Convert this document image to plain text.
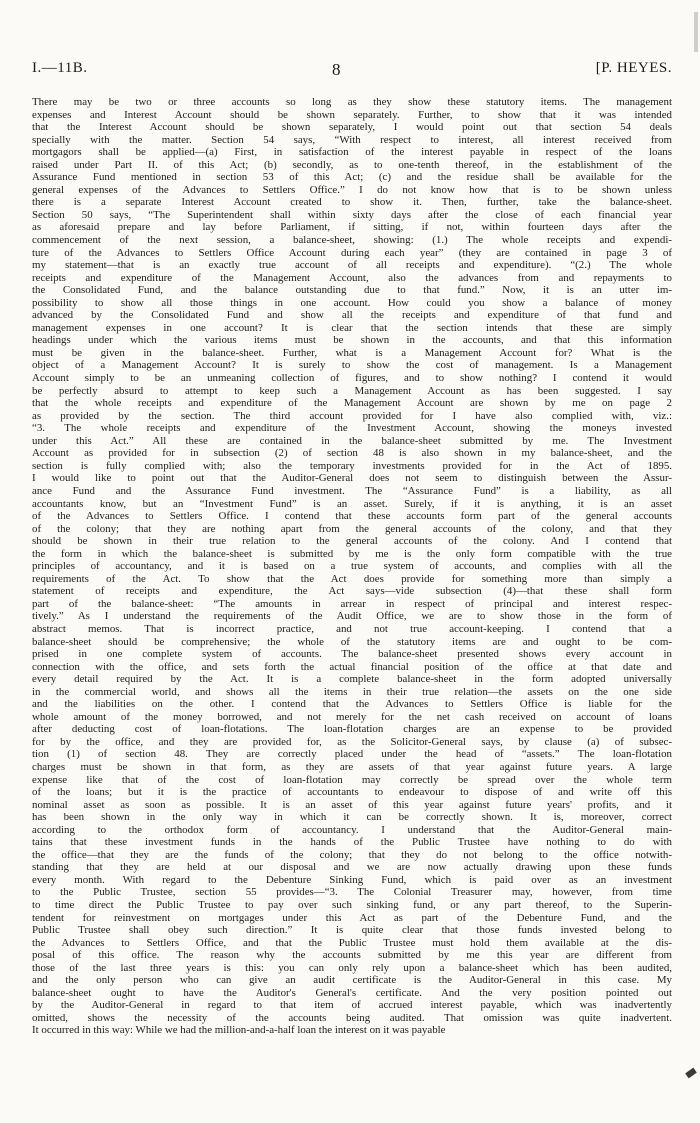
I.—11B.	8	[P. HEYES.

There may be two or three accounts so long as they show these statutory items. The management

expenses and Interest Account should be shown separately. Further, to show that it was intended

that the Interest Account should be shown separately, I would point out that section 54 deals

specially with the matter. Section 54 says, “With respect to interest, all interest received from

mortgagors shall be applied—(a) First, in satisfaction of the interest payable in respect of the loans

raised under Part II. of this Act; (b) secondly, as to one-tenth thereof, in the establishment of the

Assurance Fund mentioned in section 53 of this Act; (c) and the residue shall be available for the

general expenses of the Advances to Settlers Office.” I do not know how that is to be shown unless

there is a separate Interest Account created to show it. Then, further, take the balance-sheet.

Section 50 says, “The Superintendent shall within sixty days after the close of each financial year

as aforesaid prepare and lay before Parliament, if sitting, if not, within fourteen days after the

commencement of the next session, a balance-sheet, showing: (1.) The whole receipts and expendi-

ture of the Advances to Settlers Office Account during each year” (they are contained in page 3 of

my statement—that is an exactly true account of all receipts and expenditure). “(2.) The whole

receipts and expenditure of the Management Account, also the advances from and repayments to

the Consolidated Fund, and the balance outstanding due to that fund.” Now, it is an utter im-

possibility to show all those things in one account. How could you show a balance of money

advanced by the Consolidated Fund and show all the receipts and expenditure of that fund and

management expenses in one account? It is clear that the section intends that these are simply

headings under which the various items must be shown in the accounts, and that this information

must be given in the balance-sheet. Further, what is a Management Account for? What is the

object of a Management Account? It is surely to show the cost of management. Is a Management

Account simply to be an unmeaning collection of figures, and to show nothing? I contend it would

be perfectly absurd to attempt to keep such a Management Account as has been suggested. I say

that the whole receipts and expenditure of the Management Account are shown by me on page 2

as provided by the section. The third account provided for I have also complied with, viz.:

“3. The whole receipts and expenditure of the Investment Account, showing the moneys invested

under this Act.” All these are contained in the balance-sheet submitted by me. The Investment

Account as provided for in subsection (2) of section 48 is also shown in my balance-sheet, and the

section is fully complied with; also the temporary investments provided for in the Act of 1895.

I would like to point out that the Auditor-General does not seem to distinguish between the Assur-

ance Fund and the Assurance Fund investment. The “Assurance Fund” is a liability, as all

accountants know, but an “Investment Fund” is an asset. Surely, if it is anything, it is an asset

of the Advances to Settlers Office. I contend that these accounts form part of the general accounts

of the colony; that they are nothing apart from the general accounts of the colony, and that they

should be shown in their true relation to the general accounts of the colony. And I contend that

the form in which the balance-sheet is submitted by me is the only form compatible with the true

principles of accountancy, and it is based on a true system of accounts, and complies with all the

requirements of the Act. To show that the Act does provide for something more than simply a

statement of receipts and expenditure, the Act says—vide subsection (4)—that these shall form

part of the balance-sheet: “The amounts in arrear in respect of principal and interest respec-

tively.” As I understand the requirements of the Audit Office, we are to show those in the form of

abstract memos. That is incorrect practice, and not true account-keeping. I contend that a

balance-sheet should be comprehensive; the whole of the statutory items are and ought to be com-

prised in one complete system of accounts. The balance-sheet presented shows every account in

connection with the office, and sets forth the actual financial position of the office at that date and

every detail required by the Act. It is a complete balance-sheet in the form adopted universally

in the commercial world, and shows all the items in their true relation—the assets on the one side

and the liabilities on the other. I contend that the Advances to Settlers Office is liable for the

whole amount of the money borrowed, and not merely for the net cash received on account of loans

after deducting cost of loan-flotations. The loan-flotation charges are an expense to be provided

for by the office, and they are provided for, as the Solicitor-General says, by clause (a) of subsec-

tion (1) of section 48. They are correctly placed under the head of “assets.” The loan-flotation

charges must be shown in that form, as they are assets of that year against future years. A large

expense like that of the cost of loan-flotation may correctly be spread over the whole term

of the loans; but it is the practice of accountants to endeavour to dispose of and write off this

nominal asset as soon as possible. It is an asset of this year against future years' profits, and it

has been shown in the only way in which it can be correctly shown. It is, moreover, correct

according to the orthodox form of accountancy. I understand that the Auditor-General main-

tains that these investment funds in the hands of the Public Trustee have nothing to do with

the office—that they are the funds of the colony; that they do not belong to the office notwith-

standing that they are held at our disposal and we are now actually drawing upon these funds

every month. With regard to the Debenture Sinking Fund, which is paid over as an investment

to the Public Trustee, section 55 provides—“3. The Colonial Treasurer may, however, from time

to time direct the Public Trustee to pay over such sinking fund, or any part thereof, to the Superin-

tendent for reinvestment on mortgages under this Act as part of the Debenture Fund, and the

Public Trustee shall obey such direction.” It is quite clear that those funds invested belong to

the Advances to Settlers Office, and that the Public Trustee must hold them available at the dis-

posal of this office. The reason why the accounts submitted by me this year are different from

those of the last three years is this: you can only rely upon a balance-sheet which has been audited,

and the only person who can give an audit certificate is the Auditor-General in this case. My

balance-sheet ought to have the Auditor's General's certificate. And the very position pointed out

by the Auditor-General in regard to that item of accrued interest payable, which was inadvertently

omitted, shows the necessity of the accounts being audited. That omission was quite inadvertent.

It occurred in this way: While we had the million-and-a-half loan the interest on it was payable
